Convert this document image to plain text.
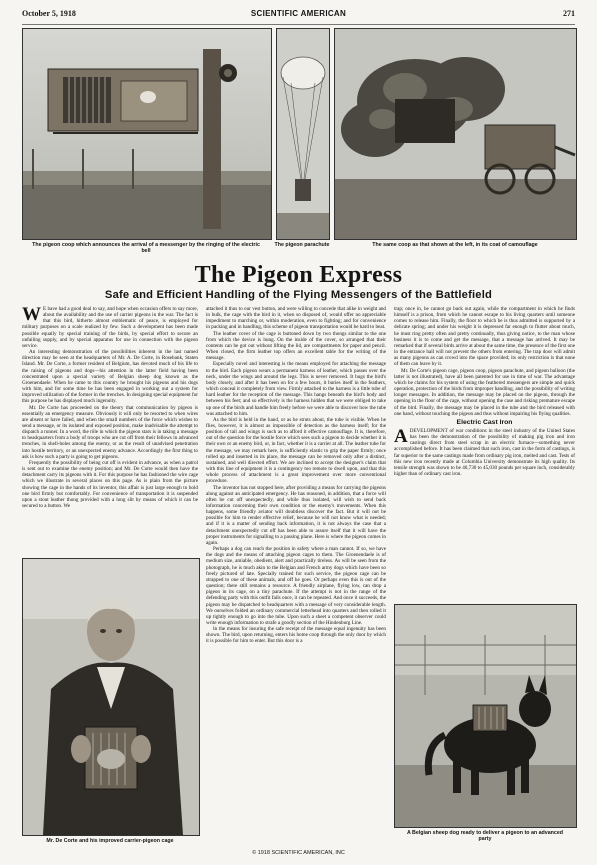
October 5, 1918	SCIENTIFIC AMERICAN	271
The pigeon coop which announces the arrival of a messenger by the ringing of the electric bell
The pigeon parachute	The same coop as that shown at the left, in its coat of camouflage
The Pigeon Express
Safe and Efficient Handling of the Flying Messengers of the Battlefield

W E have had a good deal to say, and hope when occasion offers to say more, about the availability and the use of carrier pigeons in the war. The fact is that this bird, hitherto almost emblematic of peace, is employed for military purposes on a scale realized by few. Such a development has been made possible equally by special training of the birds, by special effort to secure an unfailing supply, and by special apparatus for use in connection with the pigeon service.

An interesting demonstration of the possibilities inherent in the last named direction may be seen at the headquarters of Mr. A. De Corte, in Rosebank, Staten Island. Mr. De Corte, a former resident of Belgium, has devoted much of his life to the raising of pigeons and dogs—his attention in the latter field having been concentrated upon a special variety of Belgian sheep dog known as the Groenendaele. When he came to this country he brought his pigeons and his dogs with him, and for some time he has been engaged in working out a system for improved utilization of the former in the trenches. In designing special equipment for this purpose he has displayed much ingenuity.

Mr. De Corte has proceeded on the theory that communication by pigeon is essentially an emergency measure. Obviously it will only be resorted to when wires are absent or have failed, and when the small numbers of the force which wishes to send a message, or its isolated and exposed position, make inadvisable the attempt to dispatch a runner. In a word, the rôle in which the pigeon stars is in taking a message to headquarters from a body of troops who are cut off from their fellows in advanced trenches, in shell-holes among the enemy, or as the result of unadvised penetration into hostile territory, or an unexpected enemy advance. Accordingly the first thing to ask is how such a party is going to get pigeons.

Frequently the possibility of being cut off is evident in advance, as when a patrol is sent out to examine the enemy position; and Mr. De Corte would then have the detachment carry its pigeons with it. For this purpose he has fashioned the wire cage which we illustrate in several places on this page. As is plain from the picture showing the cage in the hands of its inventor, this affair is just large enough to hold one bird firmly but comfortably. For convenience of transportation it is suspended upon a stout leather thong provided with a long slit by means of which it can be secured to a button. We

Mr. De Corte and his improved carrier-pigeon cage

attached it thus to our vest button, and were willing to concede that alike in weight and in bulk, the cage with the bird in it, when so disposed of, would offer no appreciable impediment to marching or, within moderation, even to fighting; and for convenience in packing and in handling, this scheme of pigeon transportation would be hard to beat.

The leather cover of the cage is buttoned down by two thongs similar to the one from which the device is hung. On the inside of the cover, so arranged that their contents can be got out without lifting the lid, are compartments for paper and pencil. When closed, the firm leather top offers an excellent table for the writing of the message.

Especially novel and interesting is the means employed for attaching the message to the bird. Each pigeon wears a permanent harness of leather, which passes over the neck, under the wings and around the legs. This is never removed. It hugs the bird's body closely, and after it has been on for a few hours, it buries itself in the feathers, which conceal it completely from view. Firmly attached to the harness is a little tube of hard leather for the reception of the message. This hangs beneath the bird's body and between his feet; and so effectively is the harness hidden that we were obliged to take up one of the birds and handle him freely before we were able to discover how the tube was attached to him.

As the bird is held in the hand, or as he struts about, the tube is visible. When he flies, however, it is almost as impossible of detection as the harness itself; for the position of tail and wings is such as to afford it effective camouflage. It is, therefore, out of the question for the hostile force which sees such a pigeon to decide whether it is their own or an enemy bird, or, in fact, whether it is a carrier at all. The leather tube for the message, we may remark here, is sufficiently elastic to grip the paper firmly; once rolled up and inserted in its place, the message can be removed only after a distinct, sustained, and well directed effort. We are inclined to accept the designer's claim that with this line of equipment it is a contingency too remote to dwell upon, and that this whole process of attachment is a great improvement over more conventional procedure.

The inventor has not stopped here, after providing a means for carrying the pigeons along against an anticipated emergency. He has reasoned, in addition, that a force will often be cut off unexpectedly, and while thus isolated, will wish to send back information concerning their own condition or the enemy's movements. When this happens, some friendly aviator will doubtless discover the fact. But it will not be possible for him to render effective relief, because he will not know what is needed; and if it is a matter of sending back information, it is not always the case that a detachment unexpectedly cut off has been able to assure itself that it will have the proper instruments for signalling to a passing plane. Here is where the pigeon comes in again.

Perhaps a dog can reach the position in safety where a man cannot. If so, we have the dogs and the means of attaching pigeon cages to them. The Groenendaele is of medium size, amiable, obedient, alert and practically tireless. As will be seen from the photograph, he is much akin to the Belgian and French army dogs which have been so freely pictured of late. Specially trained for such service, the pigeon cage can be strapped to one of these animals, and off he goes. Or perhaps even this is out of the question; there still remains a resource. A friendly airplane, flying low, can drop a pigeon in its cage, on a tiny parachute. If the attempt is not in the range of the defending party with this outfit fails once, it can be repeated. And once it succeeds, the pigeon may be dispatched to headquarters with a message of very considerable length. We ourselves folded an ordinary commercial letterhead into quarters and then rolled it up tightly enough to go into the tube. Upon such a sheet a competent observer could write enough information to strafe a goodly section of the Hindenburg Line.

In the means for insuring the safe receipt of the message equal ingenuity has been shown. The bird, upon returning, enters his home coop through the only door by which it is possible for him to enter. But this door is a

trap; once in, he cannot go back out again, while the compartment in which he finds himself is a prison, from which he cannot escape to his living quarters until someone comes to release him. Finally, the floor to which he is thus admitted is supported by a delicate spring; and under his weight it is depressed far enough to flutter about much, he must ring pretty often and pretty continually, thus giving notice, to the man whose business it is to come and get the message, that a message has arrived. It may be remarked that if several birds arrive at about the same time, the presence of the first one in the entrance hall will not prevent the others from entering. The trap door will admit as many pigeons as can crowd into the space provided; its only restriction is that none of them can leave by it.

Mr. De Corte's pigeon cage, pigeon coop, pigeon parachute, and pigeon balloon (the latter is not illustrated), have all been patented for use in time of war. The advantage which he claims for his system of using the feathered messengers are simple and quick operation, protection of the birds from improper handling, and the possibility of writing longer messages. In addition, the message may be placed on the pigeon, through the opening in the floor of the cage, without opening the case and risking premature escape of the bird. Finally, the message may be placed in the tube and the bird released with one hand, without touching the pigeon and thus without impairing his flying qualities.

Electric Cast Iron

ADEVELOPMENT of war conditions in the steel industry of the United States has been the demonstration of the possibility of making pig iron and iron castings direct from steel scrap in an electric furnace—something never accomplished before. It has been claimed that such iron, cast in the form of castings, is far superior to the same castings made from ordinary pig iron, melted and cast. Tests of this new iron recently made at Columbia University demonstrate its high quality. Its tensile strength was shown to be 40,730 to 45,030 pounds per square inch, considerably higher than of ordinary cast iron.

A Belgian sheep dog ready to deliver a pigeon to an advanced party
© 1918 SCIENTIFIC AMERICAN, INC
